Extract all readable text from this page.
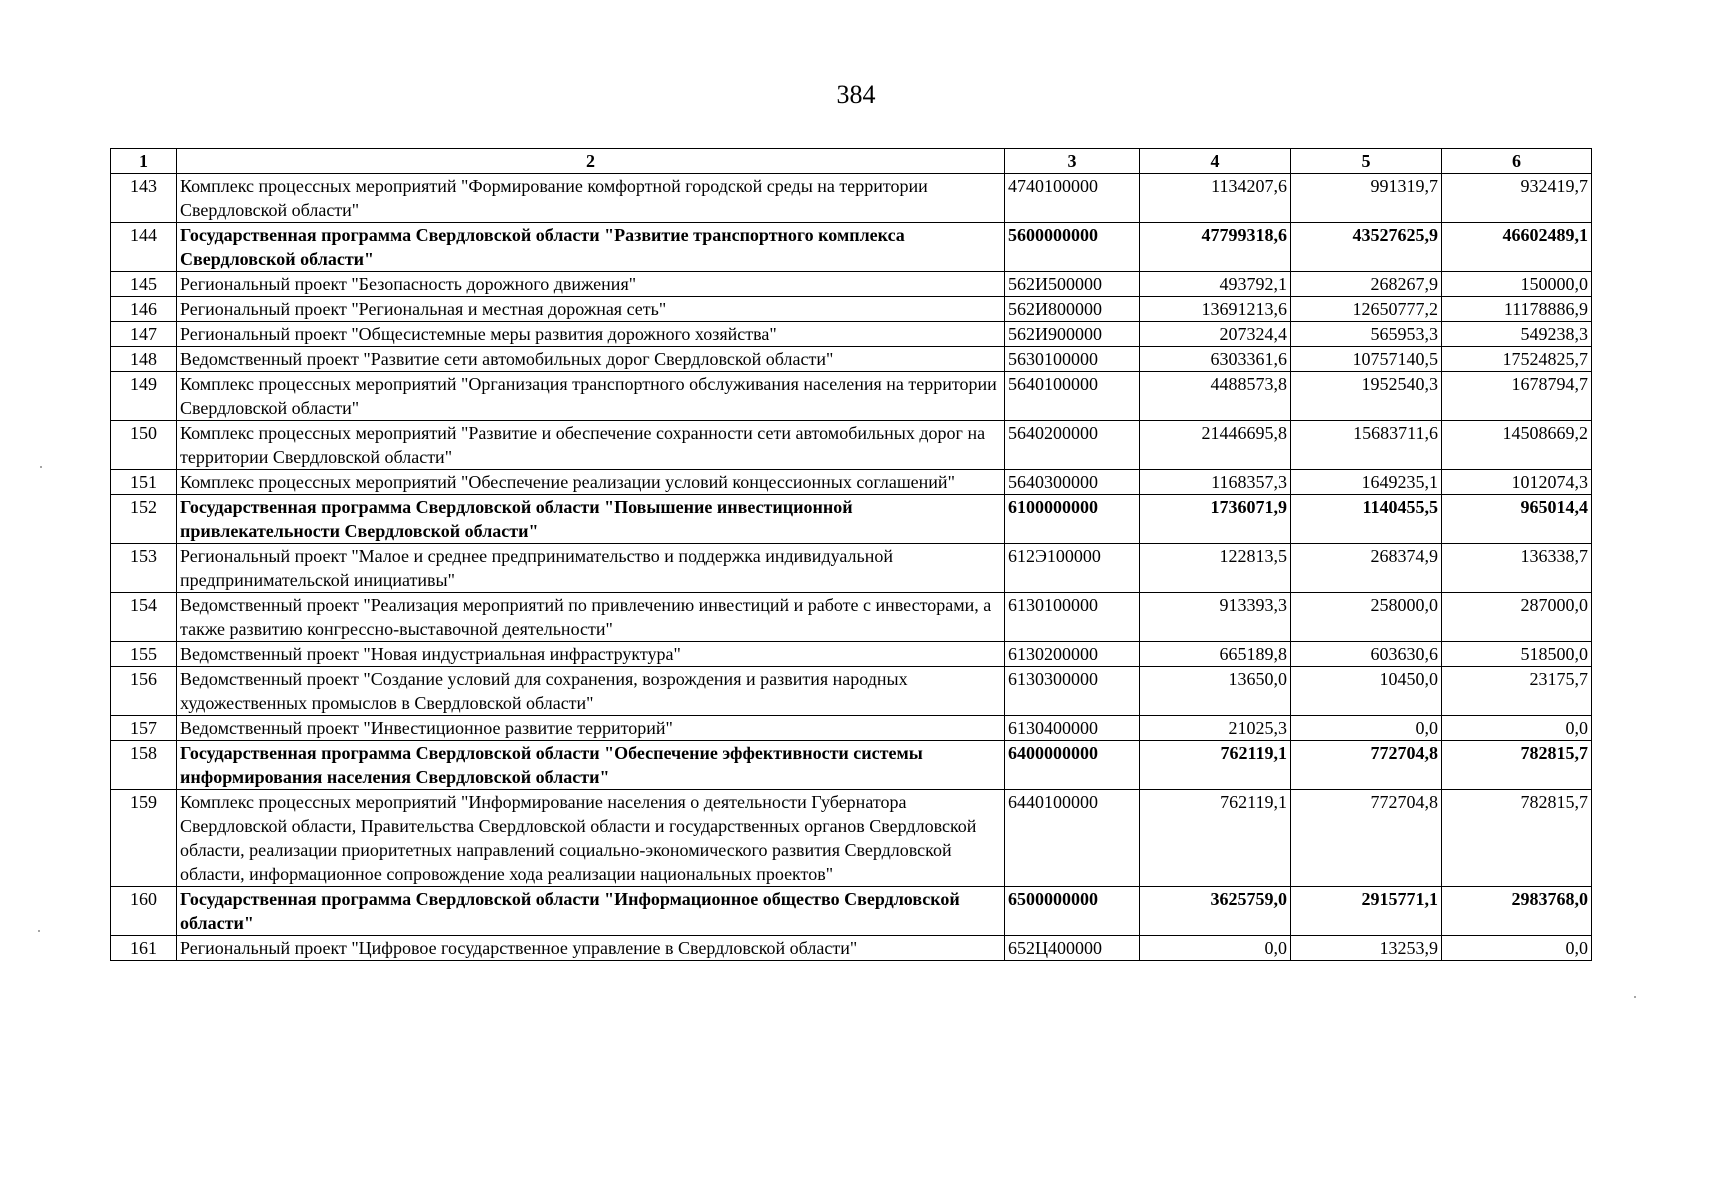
384
1	2	3	4	5	6
143	Комплекс процессных мероприятий "Формирование комфортной городской среды на территории Свердловской области"	4740100000	1134207,6	991319,7	932419,7
144	Государственная программа Свердловской области "Развитие транспортного комплекса Свердловской области"	5600000000	47799318,6	43527625,9	46602489,1
145	Региональный проект "Безопасность дорожного движения"	562И500000	493792,1	268267,9	150000,0
146	Региональный проект "Региональная и местная дорожная сеть"	562И800000	13691213,6	12650777,2	11178886,9
147	Региональный проект "Общесистемные меры развития дорожного хозяйства"	562И900000	207324,4	565953,3	549238,3
148	Ведомственный проект "Развитие сети автомобильных дорог Свердловской области"	5630100000	6303361,6	10757140,5	17524825,7
149	Комплекс процессных мероприятий "Организация транспортного обслуживания населения на территории Свердловской области"	5640100000	4488573,8	1952540,3	1678794,7
150	Комплекс процессных мероприятий "Развитие и обеспечение сохранности сети автомобильных дорог на территории Свердловской области"	5640200000	21446695,8	15683711,6	14508669,2
151	Комплекс процессных мероприятий "Обеспечение реализации условий концессионных соглашений"	5640300000	1168357,3	1649235,1	1012074,3
152	Государственная программа Свердловской области "Повышение инвестиционной привлекательности Свердловской области"	6100000000	1736071,9	1140455,5	965014,4
153	Региональный проект "Малое и среднее предпринимательство и поддержка индивидуальной предпринимательской инициативы"	612Э100000	122813,5	268374,9	136338,7
154	Ведомственный проект "Реализация мероприятий по привлечению инвестиций и работе с инвесторами, а также развитию конгрессно-выставочной деятельности"	6130100000	913393,3	258000,0	287000,0
155	Ведомственный проект "Новая индустриальная инфраструктура"	6130200000	665189,8	603630,6	518500,0
156	Ведомственный проект "Создание условий для сохранения, возрождения и развития народных художественных промыслов в Свердловской области"	6130300000	13650,0	10450,0	23175,7
157	Ведомственный проект "Инвестиционное развитие территорий"	6130400000	21025,3	0,0	0,0
158	Государственная программа Свердловской области "Обеспечение эффективности системы информирования населения Свердловской области"	6400000000	762119,1	772704,8	782815,7
159	Комплекс процессных мероприятий "Информирование населения о деятельности Губернатора Свердловской области, Правительства Свердловской области и государственных органов Свердловской области, реализации приоритетных направлений социально-экономического развития Свердловской области, информационное сопровождение хода реализации национальных проектов"	6440100000	762119,1	772704,8	782815,7
160	Государственная программа Свердловской области "Информационное общество Свердловской области"	6500000000	3625759,0	2915771,1	2983768,0
161	Региональный проект "Цифровое государственное управление в Свердловской области"	652Ц400000	0,0	13253,9	0,0
